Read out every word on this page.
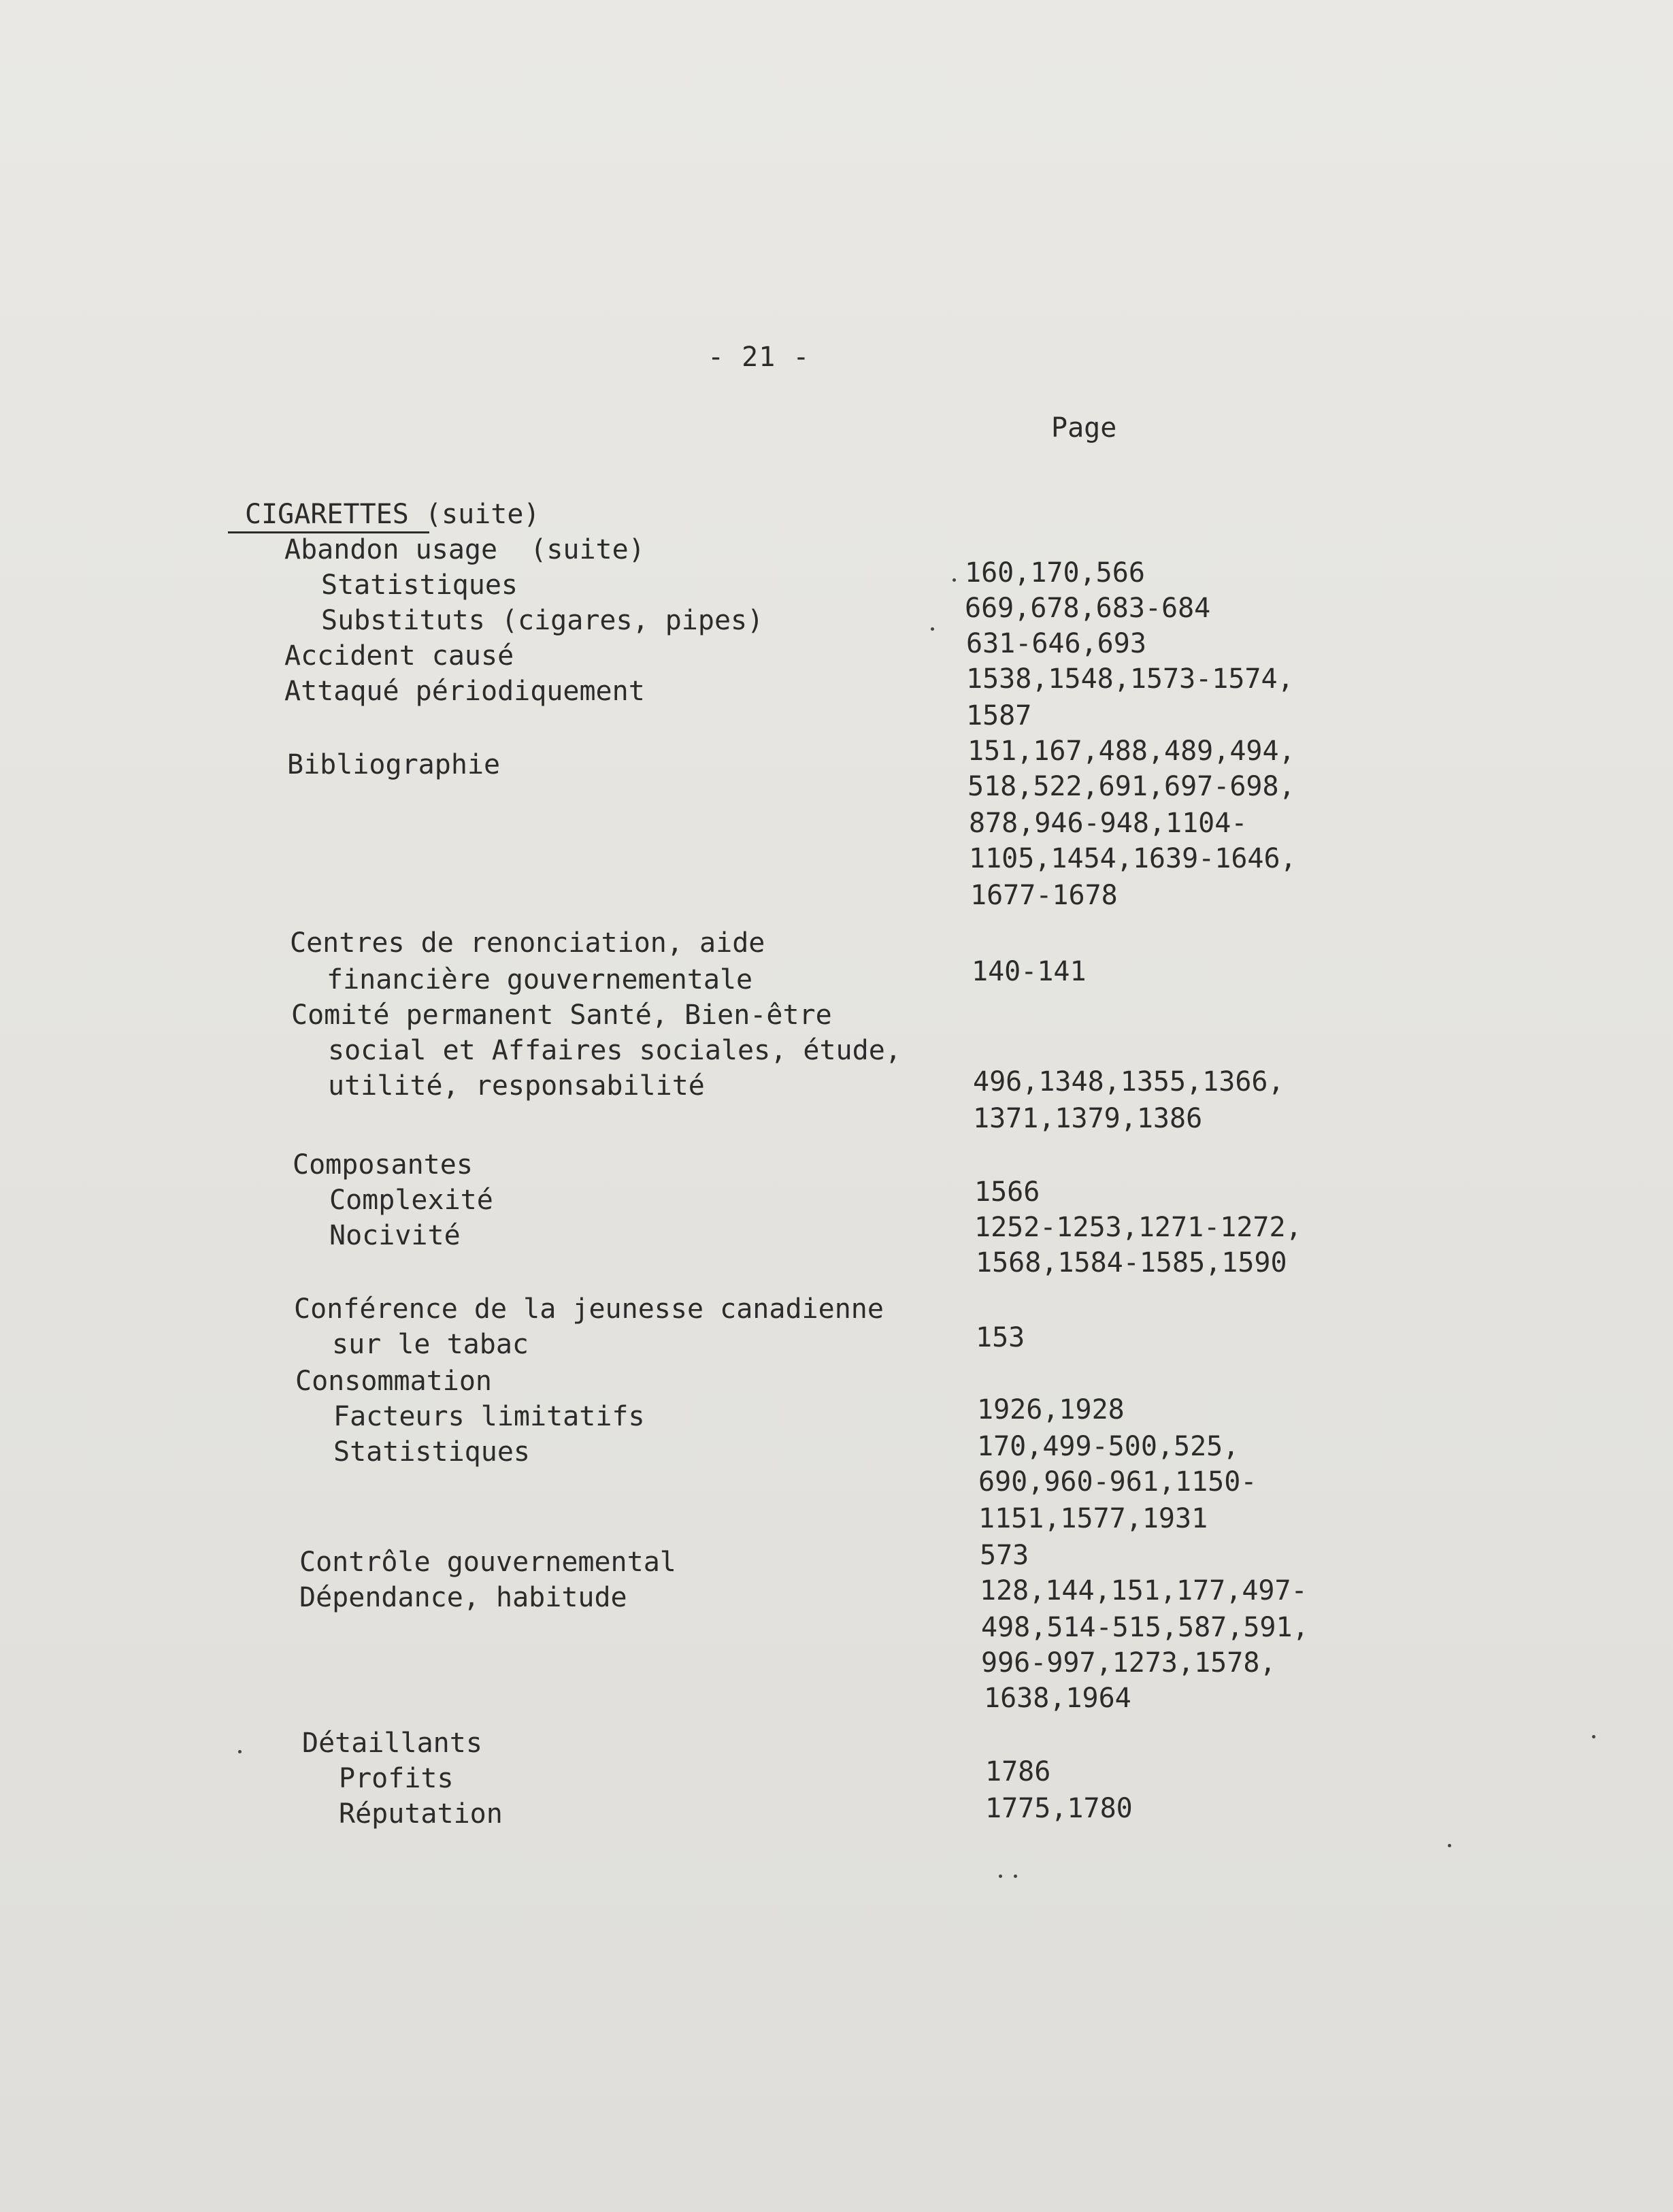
- 21 -
Page
CIGARETTES (suite)
Abandon usage  (suite)
Statistiques
Substituts (cigares, pipes)
Accident causé
Attaqué périodiquement
Bibliographie
Centres de renonciation, aide
financière gouvernementale
Comité permanent Santé, Bien-être
social et Affaires sociales, étude,
utilité, responsabilité
Composantes
Complexité
Nocivité
Conférence de la jeunesse canadienne
sur le tabac
Consommation
Facteurs limitatifs
Statistiques
Contrôle gouvernemental
Dépendance, habitude
Détaillants
Profits
Réputation
160,170,566
669,678,683-684
631-646,693
1538,1548,1573-1574,
1587
151,167,488,489,494,
518,522,691,697-698,
878,946-948,1104-
1105,1454,1639-1646,
1677-1678
140-141
496,1348,1355,1366,
1371,1379,1386
1566
1252-1253,1271-1272,
1568,1584-1585,1590
153
1926,1928
170,499-500,525,
690,960-961,1150-
1151,1577,1931
573
128,144,151,177,497-
498,514-515,587,591,
996-997,1273,1578,
1638,1964
1786
1775,1780
